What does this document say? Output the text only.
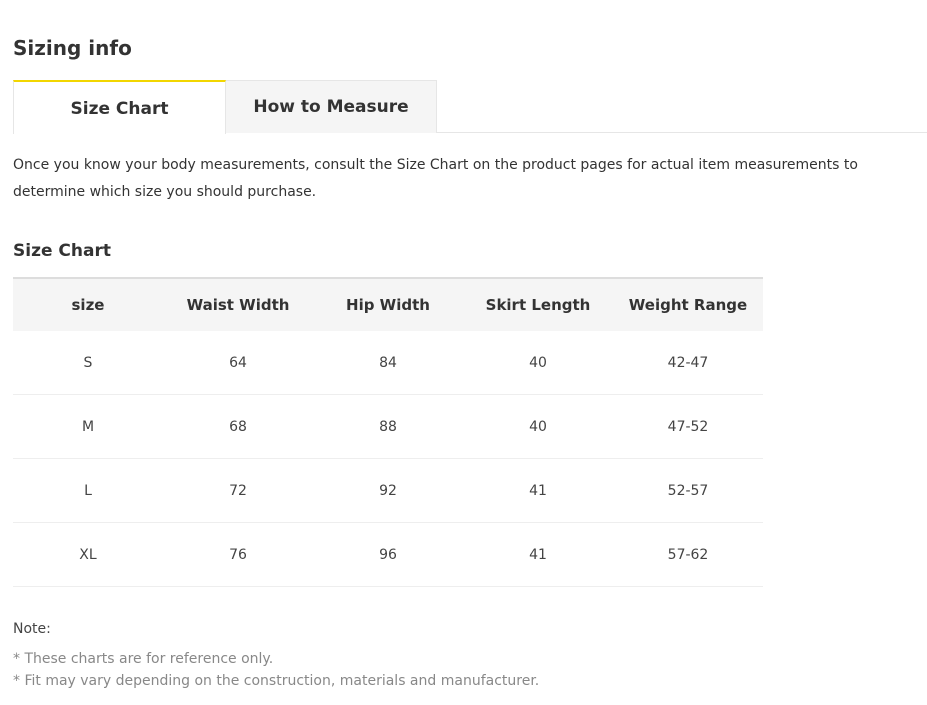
Sizing info
Size Chart	How to Measure

Once you know your body measurements, consult the Size Chart on the product pages for actual item measurements to determine which size you should purchase.

Size Chart
size	Waist Width	Hip Width	Skirt Length	Weight Range
S	64	84	40	42-47
M	68	88	40	47-52
L	72	92	41	52-57
XL	76	96	41	57-62

Note:

* These charts are for reference only.
* Fit may vary depending on the construction, materials and manufacturer.
